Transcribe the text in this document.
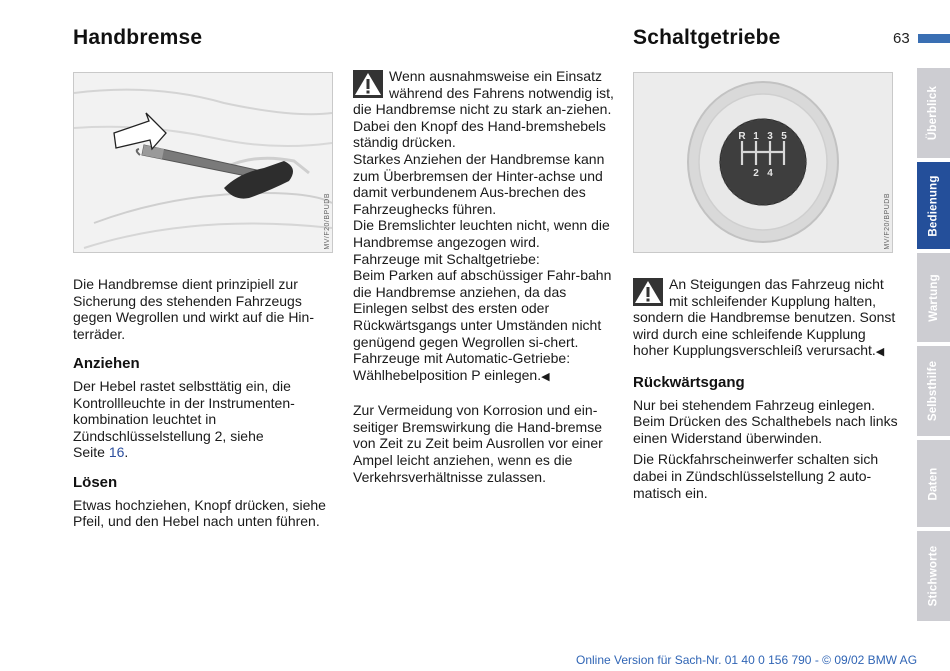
Handbremse	Schaltgetriebe	63
MV/F20/BPUDB

Die Handbremse dient prinzipiell zur Sicherung des stehenden Fahrzeugs gegen Wegrollen und wirkt auf die Hin-terräder.

Anziehen

Der Hebel rastet selbsttätig ein, die Kontrollleuchte in der Instrumenten-kombination leuchtet in Zündschlüsselstellung 2, siehe
Seite 16.

Lösen

Etwas hochziehen, Knopf drücken, siehe Pfeil, und den Hebel nach unten führen.

Wenn ausnahmsweise ein Einsatz während des Fahrens notwendig ist, die Handbremse nicht zu stark an-ziehen. Dabei den Knopf des Hand-bremshebels ständig drücken.

Starkes Anziehen der Handbremse kann zum Überbremsen der Hinter-achse und damit verbundenem Aus-brechen des Fahrzeughecks führen.

Die Bremslichter leuchten nicht, wenn die Handbremse angezogen wird.

Fahrzeuge mit Schaltgetriebe:

Beim Parken auf abschüssiger Fahr-bahn die Handbremse anziehen, da das Einlegen selbst des ersten oder Rückwärtsgangs unter Umständen nicht genügend gegen Wegrollen si-chert.

Fahrzeuge mit Automatic-Getriebe:

Wählhebelposition P einlegen.◀

Zur Vermeidung von Korrosion und ein-seitiger Bremswirkung die Hand-bremse von Zeit zu Zeit beim Ausrollen vor einer Ampel leicht anziehen, wenn es die Verkehrsverhältnisse zulassen.

R 1 3 5
2 4
MV/F20/BPUDB

An Steigungen das Fahrzeug nicht mit schleifender Kupplung halten, sondern die Handbremse benutzen. Sonst wird durch eine schleifende Kupplung hoher Kupplungsverschleiß verursacht.◀

Rückwärtsgang

Nur bei stehendem Fahrzeug einlegen. Beim Drücken des Schalthebels nach links einen Widerstand überwinden.

Die Rückfahrscheinwerfer schalten sich dabei in Zündschlüsselstellung 2 auto-matisch ein.

Überblick
Bedienung
Wartung
Selbsthilfe
Daten
Stichworte
Online Version für Sach-Nr. 01 40 0 156 790 - © 09/02 BMW AG
